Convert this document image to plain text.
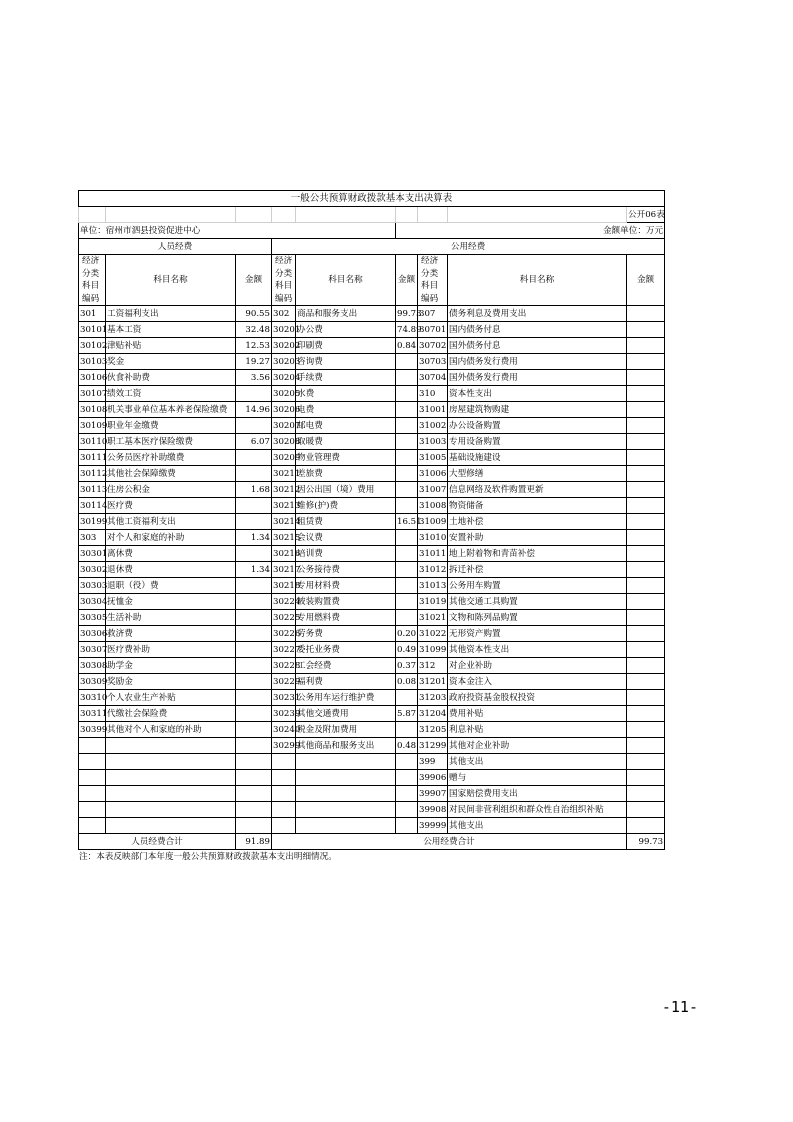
一般公共预算财政拨款基本支出决算表								
								公开06表
单位：宿州市泗县投资促进中心					金额单位：万元			
人员经费			公用经费					
经济分类科目编码	科目名称	金额	经济分类科目编码	科目名称	金额	经济分类科目编码	科目名称	金额
301	工资福利支出	90.55	302	商品和服务支出	99.73	307	债务利息及费用支出	
30101	基本工资	32.48	30201	办公费	74.89	30701	国内债务付息	
30102	津贴补贴	12.53	30202	印刷费	0.84	30702	国外债务付息	
30103	奖金	19.27	30203	咨询费		30703	国内债务发行费用	
30106	伙食补助费	3.56	30204	手续费		30704	国外债务发行费用	
30107	绩效工资		30205	水费		310	资本性支出	
30108	机关事业单位基本养老保险缴费	14.96	30206	电费		31001	房屋建筑物购建	
30109	职业年金缴费		30207	邮电费		31002	办公设备购置	
30110	职工基本医疗保险缴费	6.07	30208	取暖费		31003	专用设备购置	
30111	公务员医疗补助缴费		30209	物业管理费		31005	基础设施建设	
30112	其他社会保障缴费		30211	差旅费		31006	大型修缮	
30113	住房公积金	1.68	30212	因公出国（境）费用		31007	信息网络及软件购置更新	
30114	医疗费		30213	维修(护)费		31008	物资储备	
30199	其他工资福利支出		30214	租赁费	16.51	31009	土地补偿	
303	对个人和家庭的补助	1.34	30215	会议费		31010	安置补助	
30301	离休费		30216	培训费		31011	地上附着物和青苗补偿	
30302	退休费	1.34	30217	公务接待费		31012	拆迁补偿	
30303	退职（役）费		30218	专用材料费		31013	公务用车购置	
30304	抚恤金		30224	被装购置费		31019	其他交通工具购置	
30305	生活补助		30225	专用燃料费		31021	文物和陈列品购置	
30306	救济费		30226	劳务费	0.20	31022	无形资产购置	
30307	医疗费补助		30227	委托业务费	0.49	31099	其他资本性支出	
30308	助学金		30228	工会经费	0.37	312	对企业补助	
30309	奖励金		30229	福利费	0.08	31201	资本金注入	
30310	个人农业生产补贴		30231	公务用车运行维护费		31203	政府投资基金股权投资	
30311	代缴社会保险费		30239	其他交通费用	5.87	31204	费用补贴	
30399	其他对个人和家庭的补助		30240	税金及附加费用		31205	利息补贴	
			30299	其他商品和服务支出	0.48	31299	其他对企业补助	
						399	其他支出	
						39906	赠与	
						39907	国家赔偿费用支出	
						39908	对民间非营利组织和群众性自治组织补贴	
						39999	其他支出	
人员经费合计		91.89	公用经费合计					99.73
注：本表反映部门本年度一般公共预算财政拨款基本支出明细情况。
-11-
